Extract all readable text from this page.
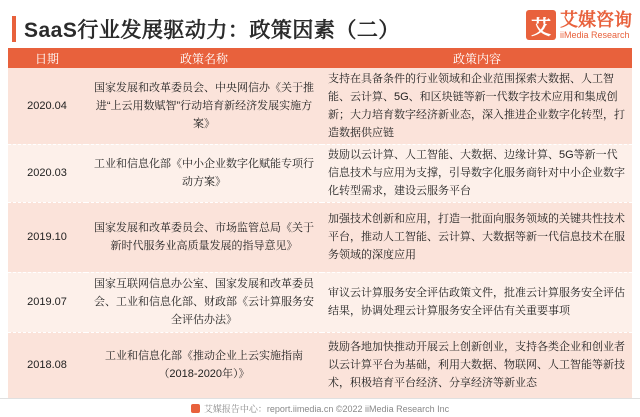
SaaS行业发展驱动力：政策因素（二）	艾 艾媒咨询
iiMedia Research
日期	政策名称	政策内容
2020.04	国家发展和改革委员会、中央网信办《关于推进“上云用数赋智”行动培育新经济发展实施方案》	支持在具备条件的行业领域和企业范围探索大数据、人工智能、云计算、5G、和区块链等新一代数字技术应用和集成创新；大力培育数字经济新业态，深入推进企业数字化转型，打造数据供应链
2020.03	工业和信息化部《中小企业数字化赋能专项行动方案》	鼓励以云计算、人工智能、大数据、边缘计算、5G等新一代信息技术与应用为支撑，引导数字化服务商针对中小企业数字化转型需求，建设云服务平台
2019.10	国家发展和改革委员会、市场监管总局《关于新时代服务业高质量发展的指导意见》	加强技术创新和应用，打造一批面向服务领域的关键共性技术平台，推动人工智能、云计算、大数据等新一代信息技术在服务领域的深度应用
2019.07	国家互联网信息办公室、国家发展和改革委员会、工业和信息化部、财政部《云计算服务安全评估办法》	审议云计算服务安全评估政策文件，批准云计算服务安全评估结果，协调处理云计算服务安全评估有关重要事项
2018.08	工业和信息化部《推动企业上云实施指南（2018-2020年）》	鼓励各地加快推动开展云上创新创业，支持各类企业和创业者以云计算平台为基础，利用大数据、物联网、人工智能等新技术，积极培育平台经济、分享经济等新业态
艾媒报告中心：report.iimedia.cn ©2022 iiMedia Research Inc
